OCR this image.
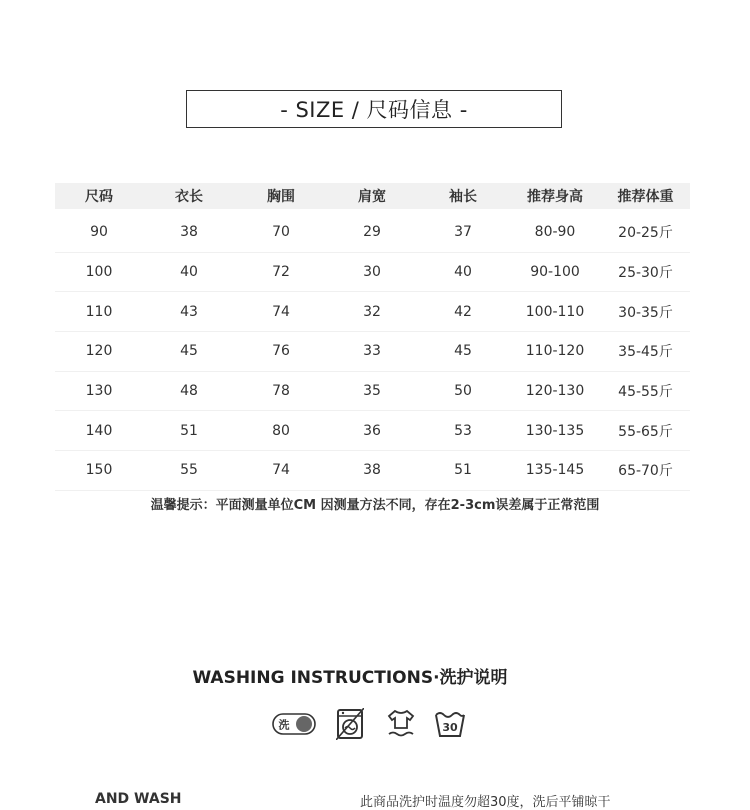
- SIZE / 尺码信息 -
尺码	衣长	胸围	肩宽	袖长	推荐身高	推荐体重
90	38	70	29	37	80-90	20-25斤
100	40	72	30	40	90-100	25-30斤
110	43	74	32	42	100-110	30-35斤
120	45	76	33	45	110-120	35-45斤
130	48	78	35	50	120-130	45-55斤
140	51	80	36	53	130-135	55-65斤
150	55	74	38	51	135-145	65-70斤
温馨提示：平面测量单位CM 因测量方法不同，存在2-3cm误差属于正常范围
WASHING INSTRUCTIONS·洗护说明
洗	30
AND WASH	此商品洗护时温度勿超30度，洗后平铺晾干
